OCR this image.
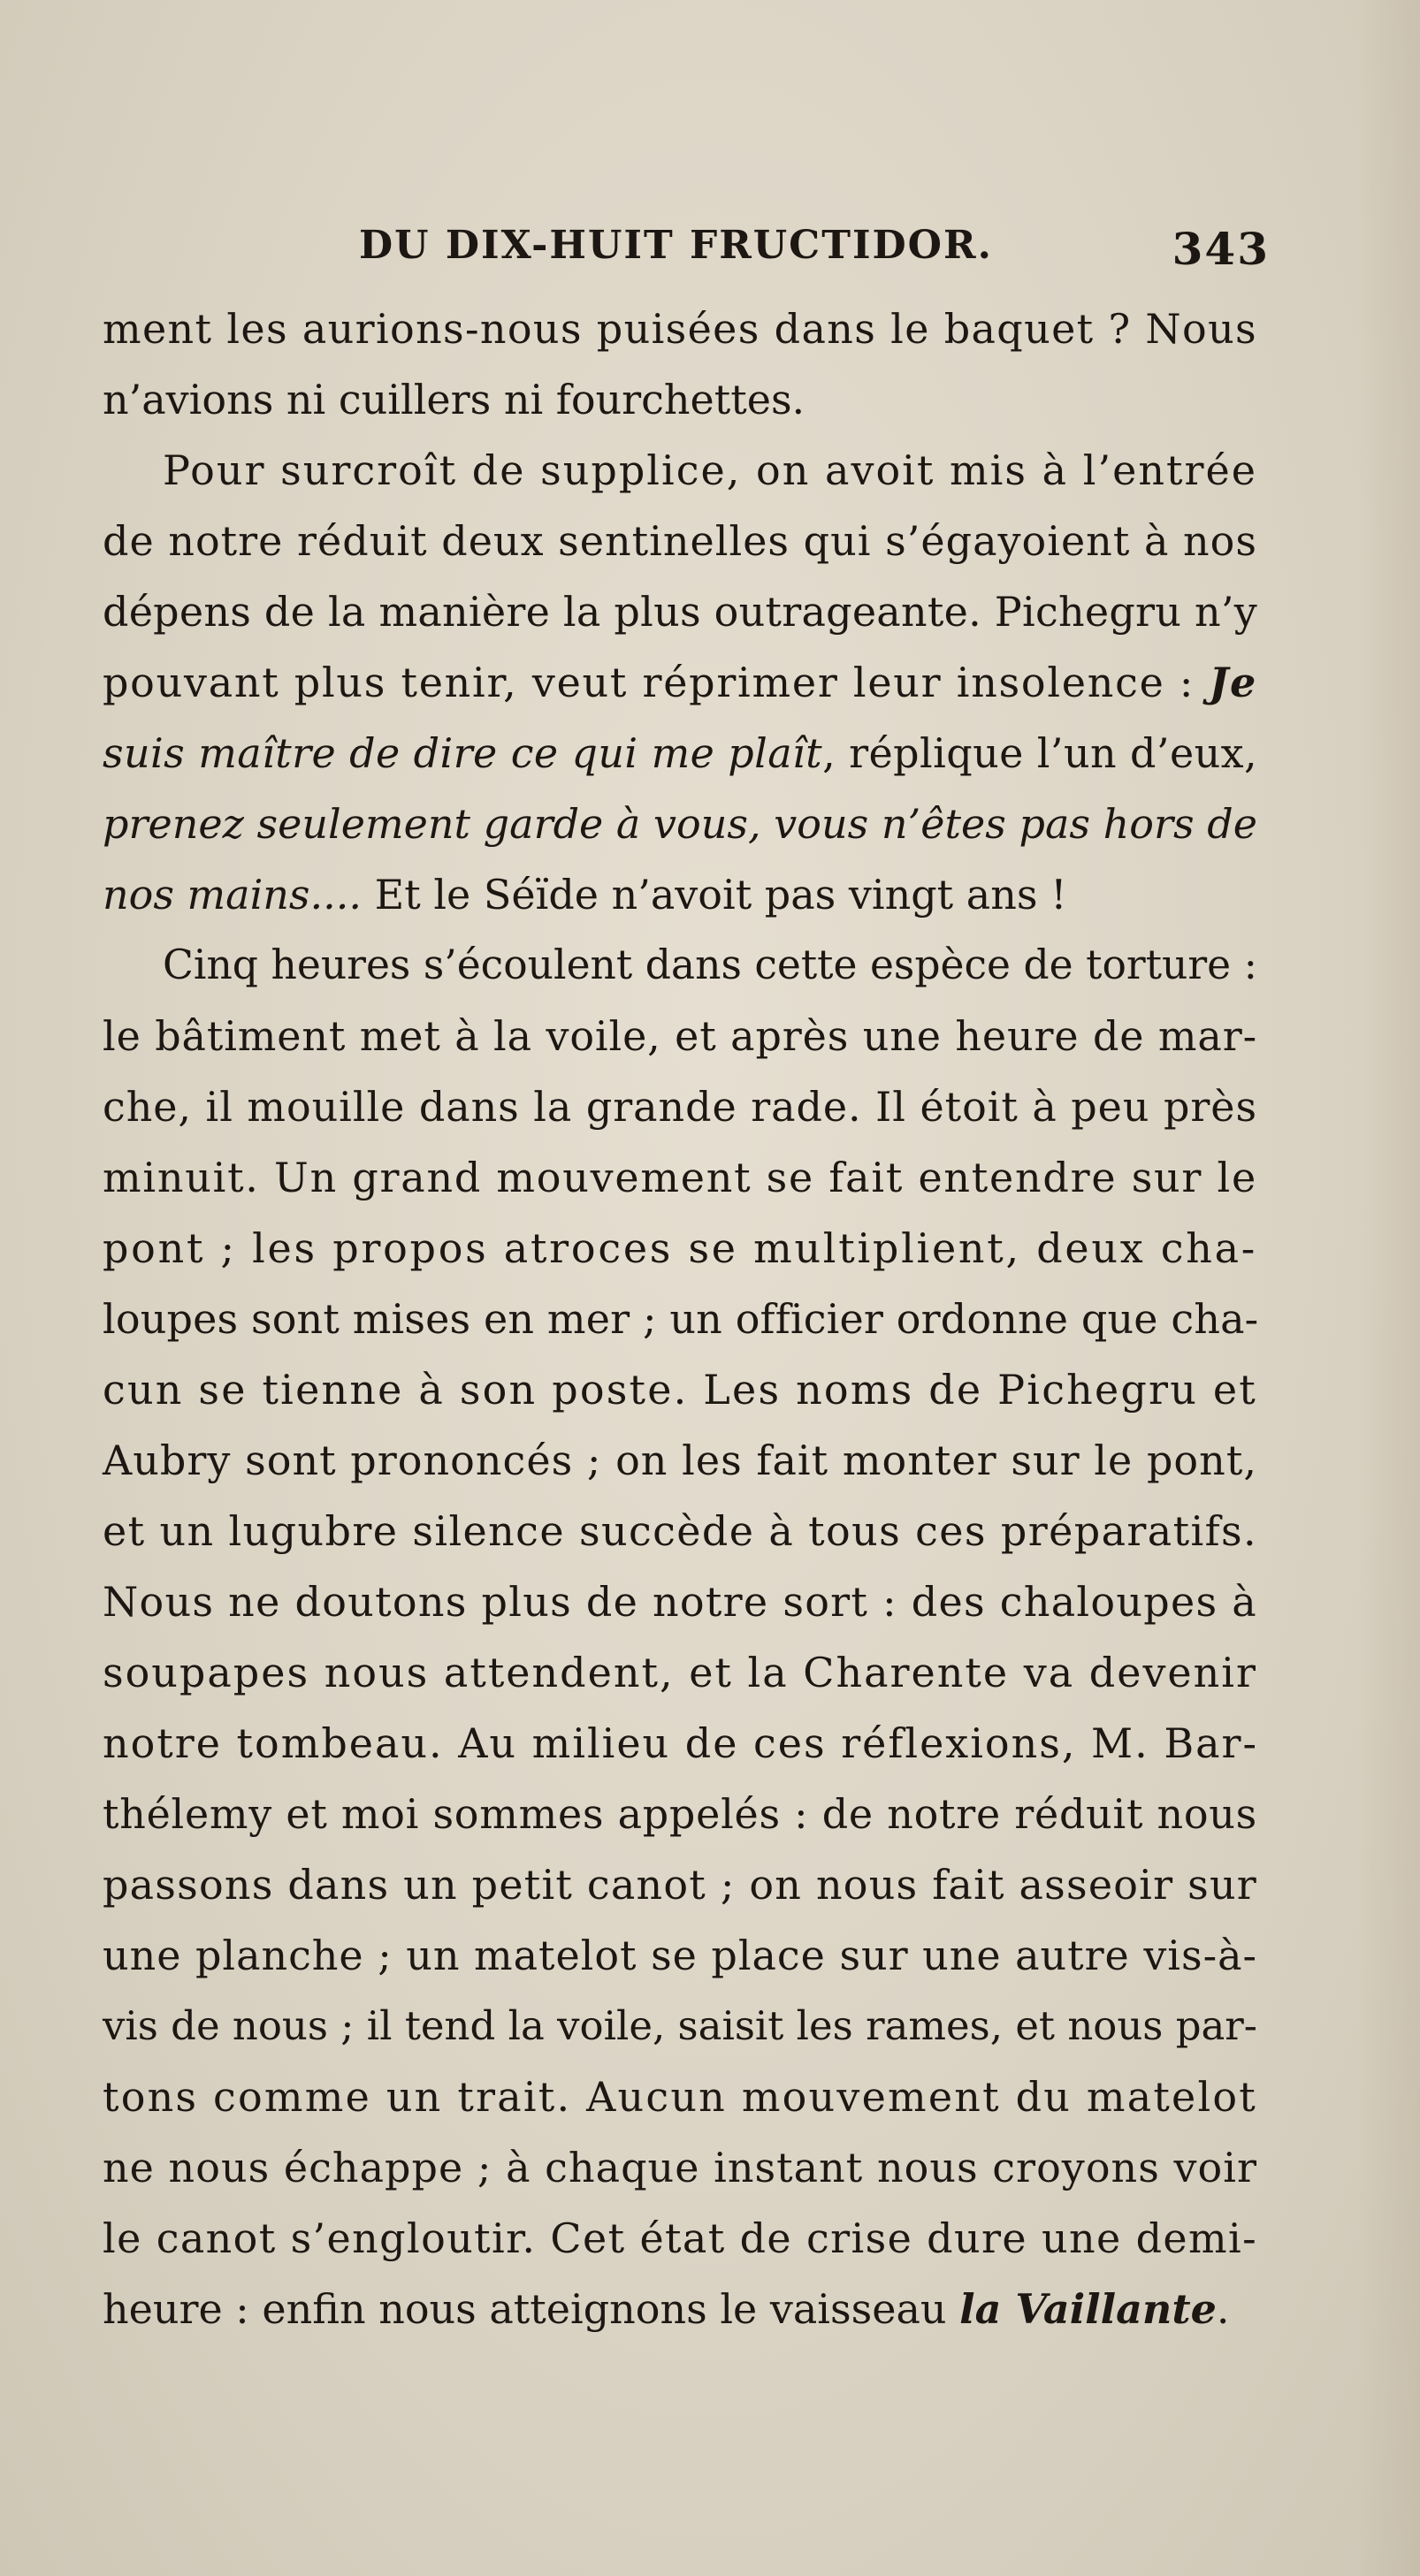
DU DIX-HUIT FRUCTIDOR.	343

ment les aurions-nous puisées dans le baquet ? Nous
n’avions ni cuillers ni fourchettes.

Pour surcroît de supplice, on avoit mis à l’entrée
de notre réduit deux sentinelles qui s’égayoient à nos
dépens de la manière la plus outrageante. Pichegru n’y
pouvant plus tenir, veut réprimer leur insolence : Je
suis maître de dire ce qui me plaît, réplique l’un d’eux,
prenez seulement garde à vous, vous n’êtes pas hors de
nos mains.... Et le Séïde n’avoit pas vingt ans !

Cinq heures s’écoulent dans cette espèce de torture :
le bâtiment met à la voile, et après une heure de mar-
che, il mouille dans la grande rade. Il étoit à peu près
minuit. Un grand mouvement se fait entendre sur le
pont ; les propos atroces se multiplient, deux cha-
loupes sont mises en mer ; un officier ordonne que cha-
cun se tienne à son poste. Les noms de Pichegru et
Aubry sont prononcés ; on les fait monter sur le pont,
et un lugubre silence succède à tous ces préparatifs.
Nous ne doutons plus de notre sort : des chaloupes à
soupapes nous attendent, et la Charente va devenir
notre tombeau. Au milieu de ces réflexions, M. Bar-
thélemy et moi sommes appelés : de notre réduit nous
passons dans un petit canot ; on nous fait asseoir sur
une planche ; un matelot se place sur une autre vis-à-
vis de nous ; il tend la voile, saisit les rames, et nous par-
tons comme un trait. Aucun mouvement du matelot
ne nous échappe ; à chaque instant nous croyons voir
le canot s’engloutir. Cet état de crise dure une demi-
heure : enfin nous atteignons le vaisseau la Vaillante.
